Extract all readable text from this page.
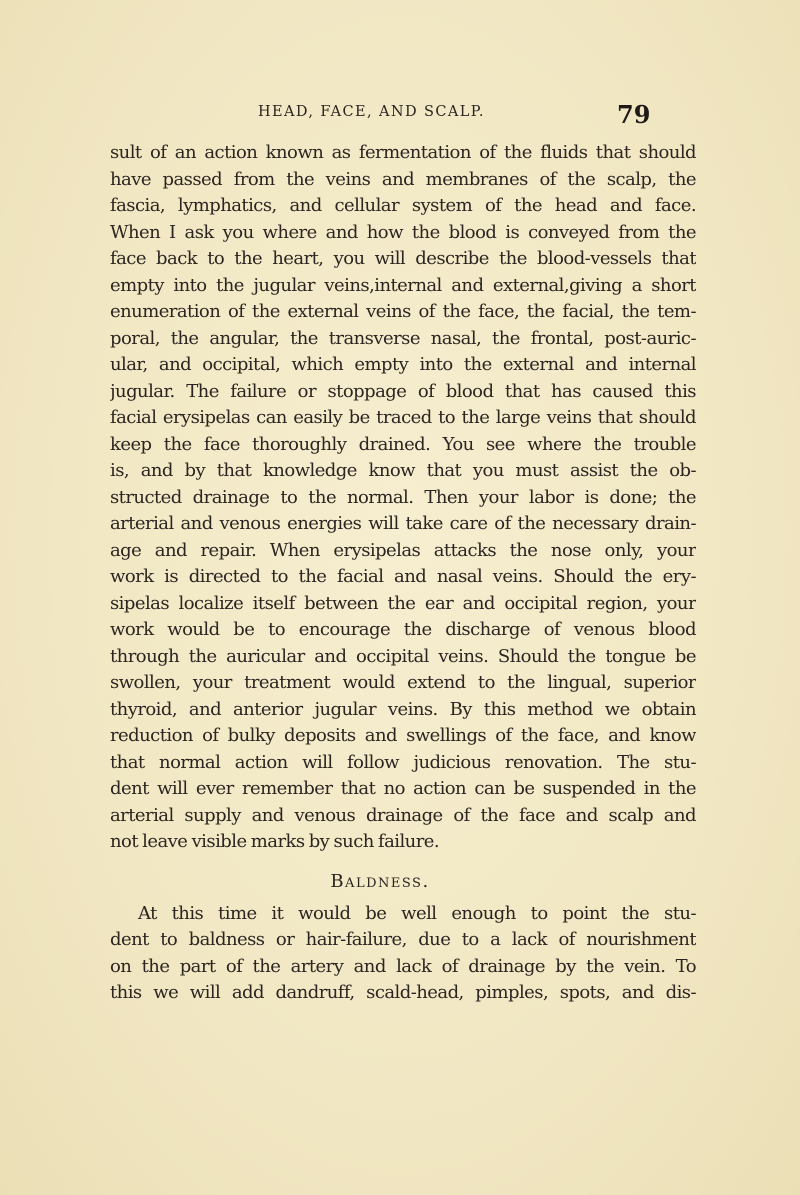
HEAD, FACE, AND SCALP.	79
sult of an action known as fermentation of the fluids that should
have passed from the veins and membranes of the scalp, the
fascia, lymphatics, and cellular system of the head and face.
When I ask you where and how the blood is conveyed from the
face back to the heart, you will describe the blood-vessels that
empty into the jugular veins,internal and external,giving a short
enumeration of the external veins of the face, the facial, the tem-
poral, the angular, the transverse nasal, the frontal, post-auric-
ular, and occipital, which empty into the external and internal
jugular. The failure or stoppage of blood that has caused this
facial erysipelas can easily be traced to the large veins that should
keep the face thoroughly drained. You see where the trouble
is, and by that knowledge know that you must assist the ob-
structed drainage to the normal. Then your labor is done; the
arterial and venous energies will take care of the necessary drain-
age and repair. When erysipelas attacks the nose only, your
work is directed to the facial and nasal veins. Should the ery-
sipelas localize itself between the ear and occipital region, your
work would be to encourage the discharge of venous blood
through the auricular and occipital veins. Should the tongue be
swollen, your treatment would extend to the lingual, superior
thyroid, and anterior jugular veins. By this method we obtain
reduction of bulky deposits and swellings of the face, and know
that normal action will follow judicious renovation. The stu-
dent will ever remember that no action can be suspended in the
arterial supply and venous drainage of the face and scalp and
not leave visible marks by such failure.
Baldness.
At this time it would be well enough to point the stu-
dent to baldness or hair-failure, due to a lack of nourishment
on the part of the artery and lack of drainage by the vein. To
this we will add dandruff, scald-head, pimples, spots, and dis-
